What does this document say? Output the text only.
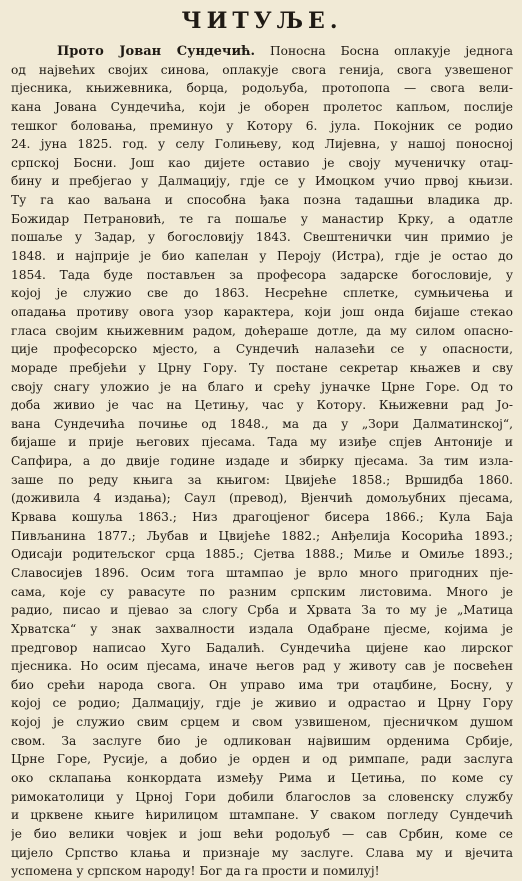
ЧИТУЉЕ.
Прото Јован Сундечић. Поносна Босна оплакује једнога
од највећих својих синова, оплакује свога генија, свога узвешеног
пјесника, књижевника, борца, родољуба, протопопа — свога вели-
кана Јована Сундечића, који је оборен пролетос капљом, послије
тешког боловања, преминуо у Котору 6. јула. Покојник се родио
24. јуна 1825. год. у селу Голињеву, код Лијевна, у нашој поносној
српској Босни. Још као дијете оставио је своју мученичку отаџ-
бину и пребјегао у Далмацију, гдје се у Имоцком учио првој књизи.
Ту га као ваљана и способна ђака позна тадашњи владика др.
Божидар Петрановић, те га пошаље у манастир Крку, а одатле
пошаље у Задар, у богословију 1843. Свештенички чин примио је
1848. и најприје је био капелан у Перoју (Истра), гдје је остао до
1854. Тада буде постављен за професора задарске богословије, у
којој је служио све до 1863. Несрећне сплетке, сумњичења и
опадања противу овога узор карактера, који још онда бијаше стекао
гласа својим књижевним радом, доћераше дотле, да му силом опасно-
ције професорско мјесто, а Сундечић налазећи се у опасности,
мораде пребјећи у Црну Гору. Ту постане секретар књажев и сву
своју снагу уложио је на благо и срећу јуначке Црне Горе. Од то
доба живио је час на Цетињу, час у Котору. Књижевни рад Јо-
вана Сундечића почиње од 1848., ма да у „Зори Далматинској“,
бијаше и прије његових пјесама. Тада му изиђе спјев Антоније и
Сапфира, а до двије године издаде и збирку пјесама. За тим изла-
заше по реду књига за књигом: Цвијеће 1858.; Вршидба 1860.
(доживила 4 издања); Саул (превод), Вјенчић домољубних пјесама,
Крвава кошуља 1863.; Низ драгоцјеног бисера 1866.; Кула Баја
Пивљанина 1877.; Љубав и Цвијеће 1882.; Анђелија Косорића 1893.;
Одисаји родитељског срца 1885.; Сјетва 1888.; Миље и Омиље 1893.;
Славосијев 1896. Осим тога штампао је врло много пригодних пје-
сама, које су равасуте по разним српским листовима. Много је
радио, писао и пјевао за слогу Срба и Хрвата За то му је „Матица
Хрватска“ у знак захвалности издала Одабране пјесме, којима је
предговор написао Хуго Бадалић. Сундечића цијене као лирског
пјесника. Но осим пјесама, иначе његов рад у животу сав је посвећен
био срећи народа свога. Он управо има три отаџбине, Босну, у
којој се родио; Далмацију, гдје је живио и одрастао и Црну Гору
којој је служио свим срцем и свом узвишеном, пјесничком душом
свом. За заслуге био је одликован највишим орденима Србије,
Црне Горе, Русије, а добио је орден и од римпапе, ради заслуга
око склапања конкордата између Рима и Цетиња, по коме су
римокатолици у Црној Гори добили благослов за словенску службу
и црквене књиге ћирилицом штампане. У сваком погледу Сундечић
је био велики човјек и још већи родољуб — сав Србин, коме се
цијело Српство клања и признаје му заслуге. Слава му и вјечита
успомена у српском народу! Бог да га прости и помилуј!
